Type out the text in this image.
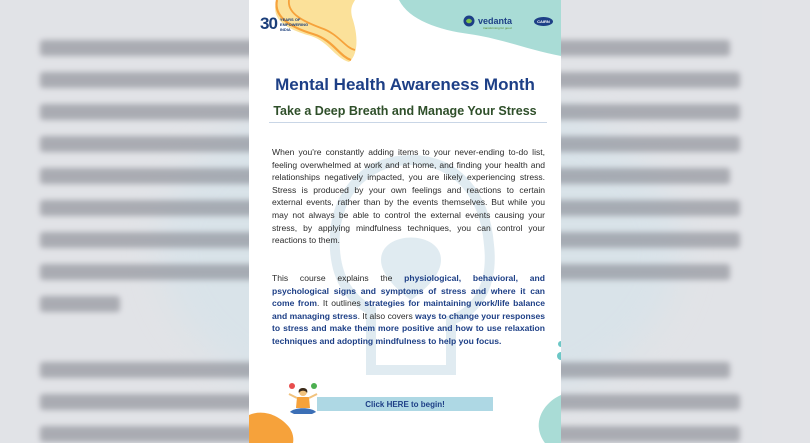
30 YEARS OF
EMPOWERING
INDIA
vedanta
transforming for good
CAIRN
Mental Health Awareness Month
Take a Deep Breath and Manage Your Stress

When you're constantly adding items to your never-ending to-do list, feeling overwhelmed at work and at home, and finding your health and relationships negatively impacted, you are likely experiencing stress. Stress is produced by your own feelings and reactions to certain external events, rather than by the events themselves. But while you may not always be able to control the external events causing your stress, by applying mindfulness techniques, you can control your reactions to them.

This course explains the physiological, behavioral, and psychological signs and symptoms of stress and where it can come from. It outlines strategies for maintaining work/life balance and managing stress. It also covers ways to change your responses to stress and make them more positive and how to use relaxation techniques and adopting mindfulness to help you focus.

Click HERE to begin!
